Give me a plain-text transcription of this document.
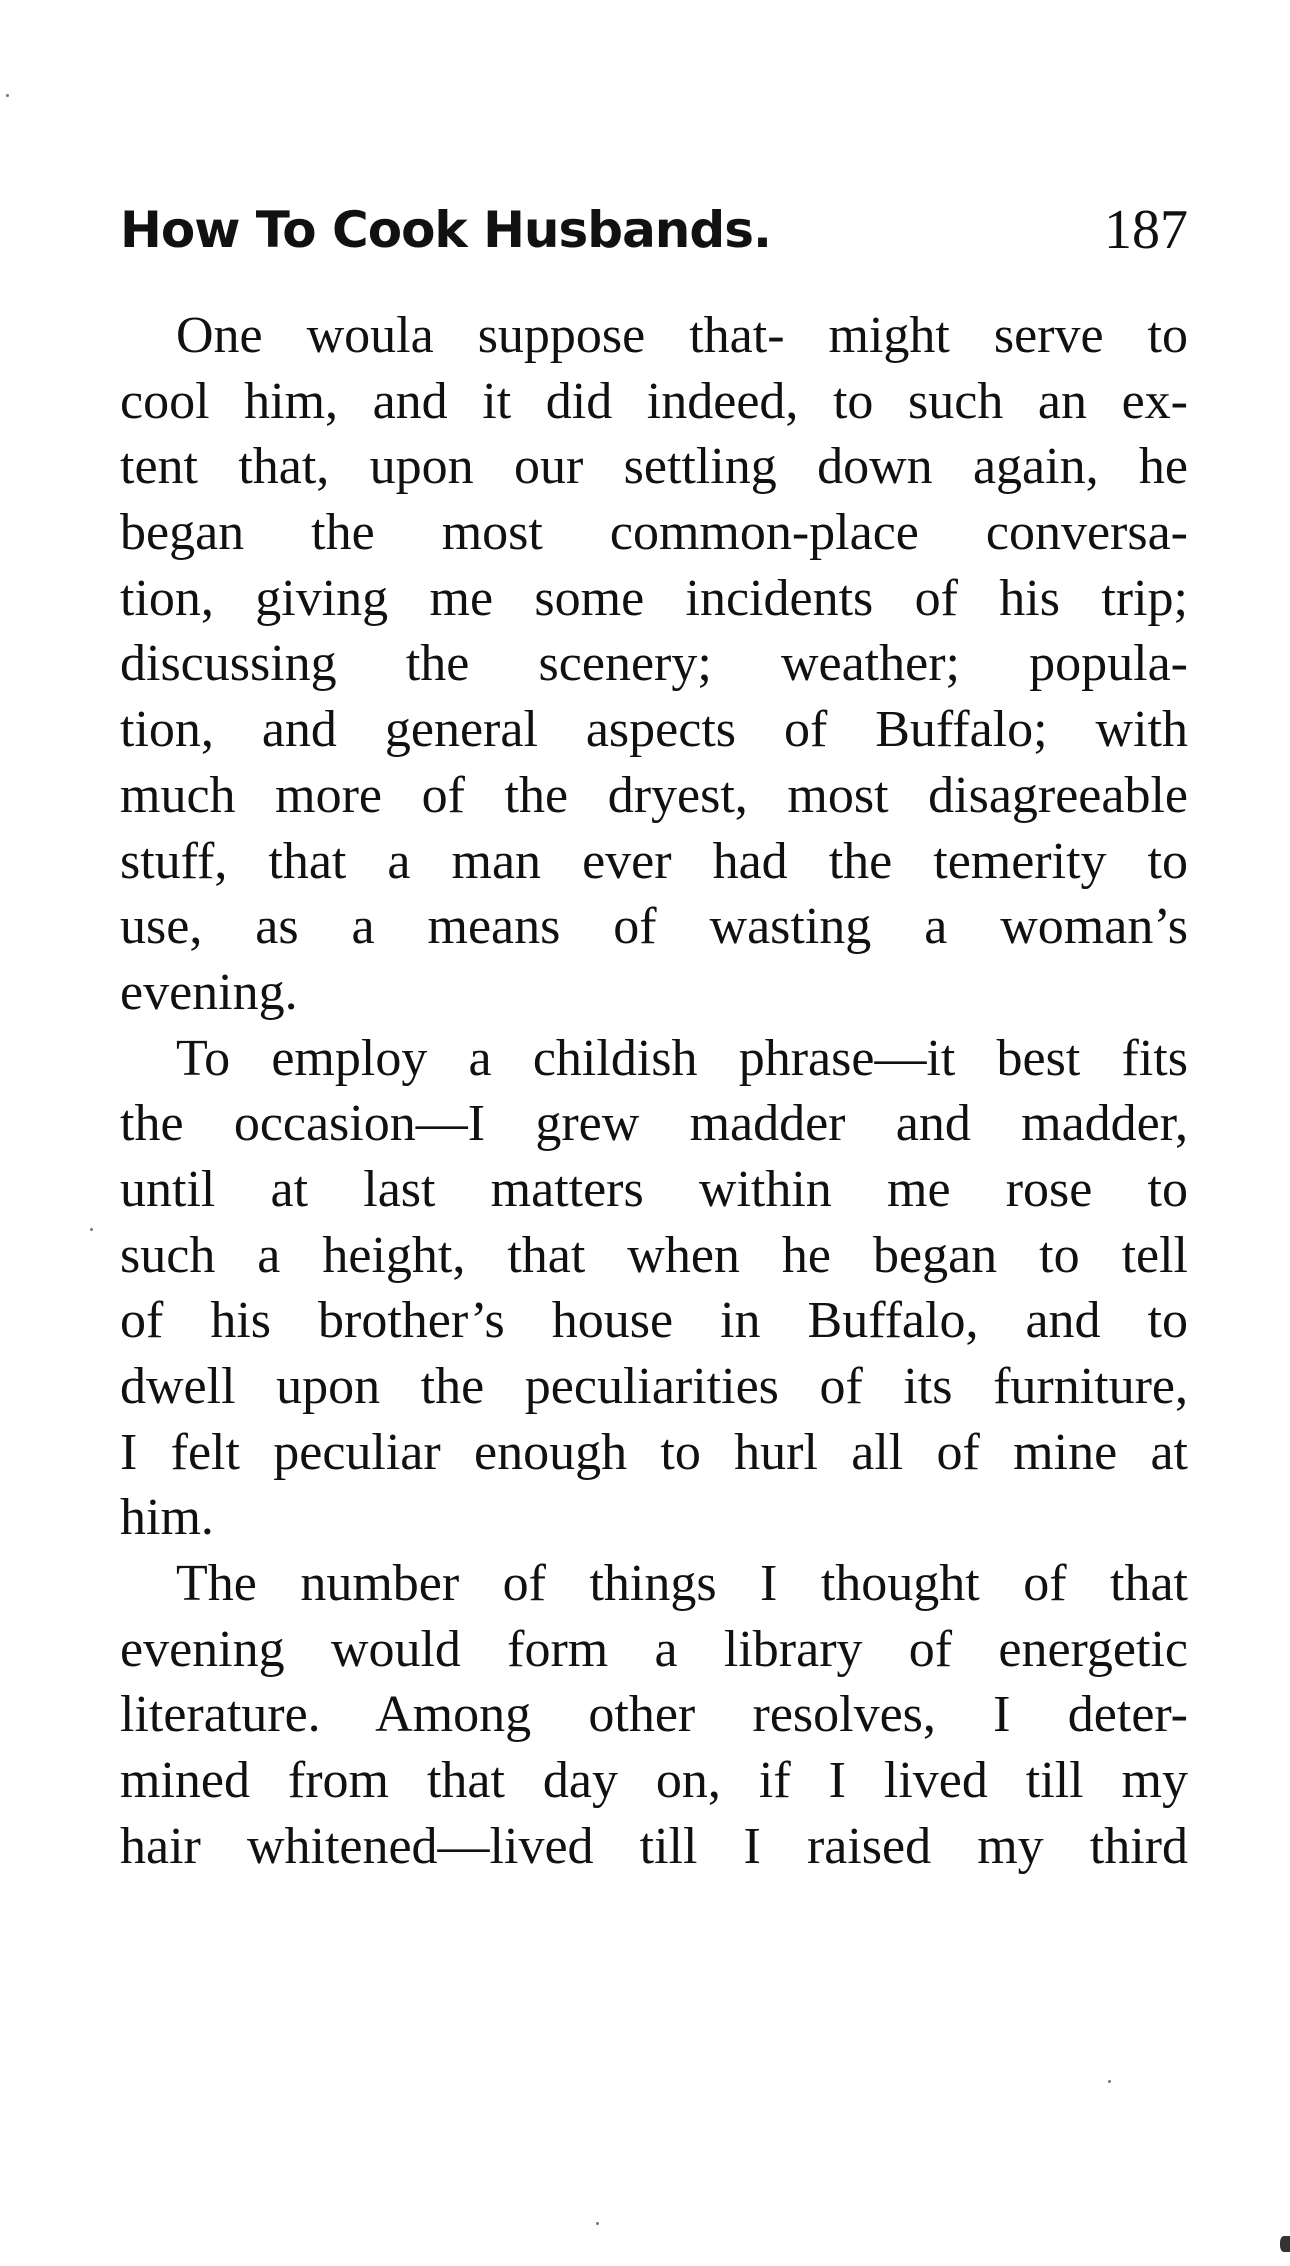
How To Cook Husbands.	187

One woula suppose that- might serve to
cool him, and it did indeed, to such an ex-
tent that, upon our settling down again, he
began the most common-place conversa-
tion, giving me some incidents of his trip;
discussing the scenery; weather; popula-
tion, and general aspects of Buffalo; with
much more of the dryest, most disagreeable
stuff, that a man ever had the temerity to
use, as a means of wasting a woman’s
evening.

To employ a childish phrase—it best fits
the occasion—I grew madder and madder,
until at last matters within me rose to
such a height, that when he began to tell
of his brother’s house in Buffalo, and to
dwell upon the peculiarities of its furniture,
I felt peculiar enough to hurl all of mine at
him.

The number of things I thought of that
evening would form a library of energetic
literature. Among other resolves, I deter-
mined from that day on, if I lived till my
hair whitened—lived till I raised my third
